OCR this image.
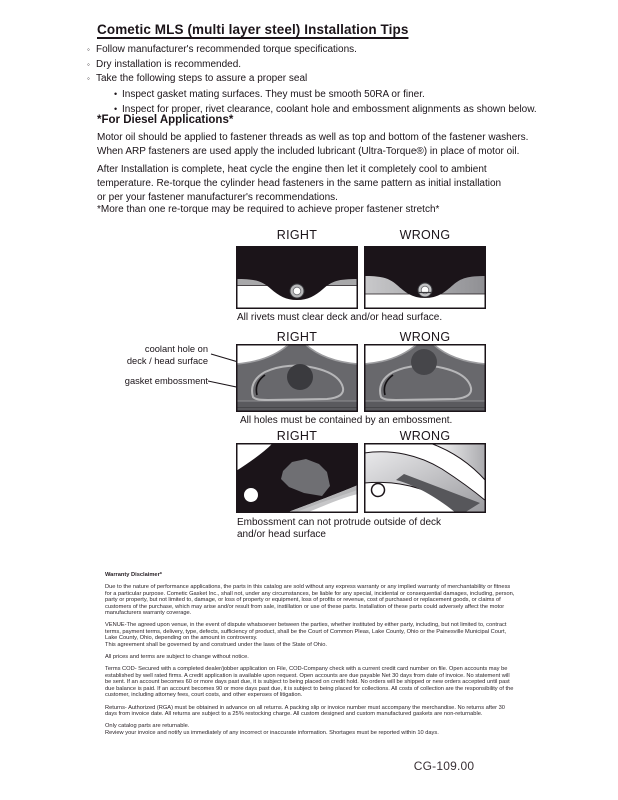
Cometic MLS (multi layer steel) Installation Tips
◦ Follow manufacturer's recommended torque specifications.
◦ Dry installation is recommended.
◦ Take the following steps to assure a proper seal
• Inspect gasket mating surfaces. They must be smooth 50RA or finer.
• Inspect for proper, rivet clearance, coolant hole and embossment alignments as shown below.
*For Diesel Applications*
Motor oil should be applied to fastener threads as well as top and bottom of the fastener washers.
When ARP fasteners are used apply the included lubricant (Ultra-Torque®) in place of motor oil.
After Installation is complete, heat cycle the engine then let it completely cool to ambient
temperature. Re-torque the cylinder head fasteners in the same pattern as initial installation
or per your fastener manufacturer's recommendations.
*More than one re-torque may be required to achieve proper fastener stretch*
RIGHT	WRONG
All rivets must clear deck and/or head surface.
RIGHT	WRONG
coolant hole on
deck / head surface
gasket embossment
All holes must be contained by an embossment.
RIGHT	WRONG
Embossment can not protrude outside of deck
and/or head surface

Warranty Disclaimer*

Due to the nature of performance applications, the parts in this catalog are sold without any express warranty or any implied warranty of merchantability or fitness for a particular purpose. Cometic Gasket Inc., shall not, under any circumstances, be liable for any special, incidental or consequential damages, including, person, party or property, but not limited to, damage, or loss of property or equipment, loss of profits or revenue, cost of purchased or replacement goods, or claims of customers of the purchase, which may arise and/or result from sale, instillation or use of these parts. Installation of these parts could adversely affect the motor manufacturers warranty coverage.

VENUE-The agreed upon venue, in the event of dispute whatsoever between the parties, whether instituted by either party, including, but not limited to, contract terms, payment terms, delivery, type, defects, sufficiency of product, shall be the Court of Common Pleas, Lake County, Ohio or the Painesville Municipal Court, Lake County, Ohio, depending on the amount in controversy.

This agreement shall be governed by and construed under the laws of the State of Ohio.

All prices and terms are subject to change without notice.

Terms COD- Secured with a completed dealer/jobber application on File, COD-Company check with a current credit card number on file. Open accounts may be established by well rated firms. A credit application is available upon request. Open accounts are due payable Net 30 days from date of invoice. No statement will be sent. If an account becomes 60 or more days past due, it is subject to being placed on credit hold. No orders will be shipped or new orders accepted until past due balance is paid. If an account becomes 90 or more days past due, it is subject to being placed for collections. All costs of collection are the responsibility of the customer, including attorney fees, court costs, and other expenses of litigation.

Returns- Authorized (RGA) must be obtained in advance on all returns. A packing slip or invoice number must accompany the merchandise. No returns after 30 days from invoice date. All returns are subject to a 25% restocking charge. All custom designed and custom manufactured gaskets are non-returnable.

Only catalog parts are returnable.

Review your invoice and notify us immediately of any incorrect or inaccurate information. Shortages must be reported within 10 days.

CG-109.00
